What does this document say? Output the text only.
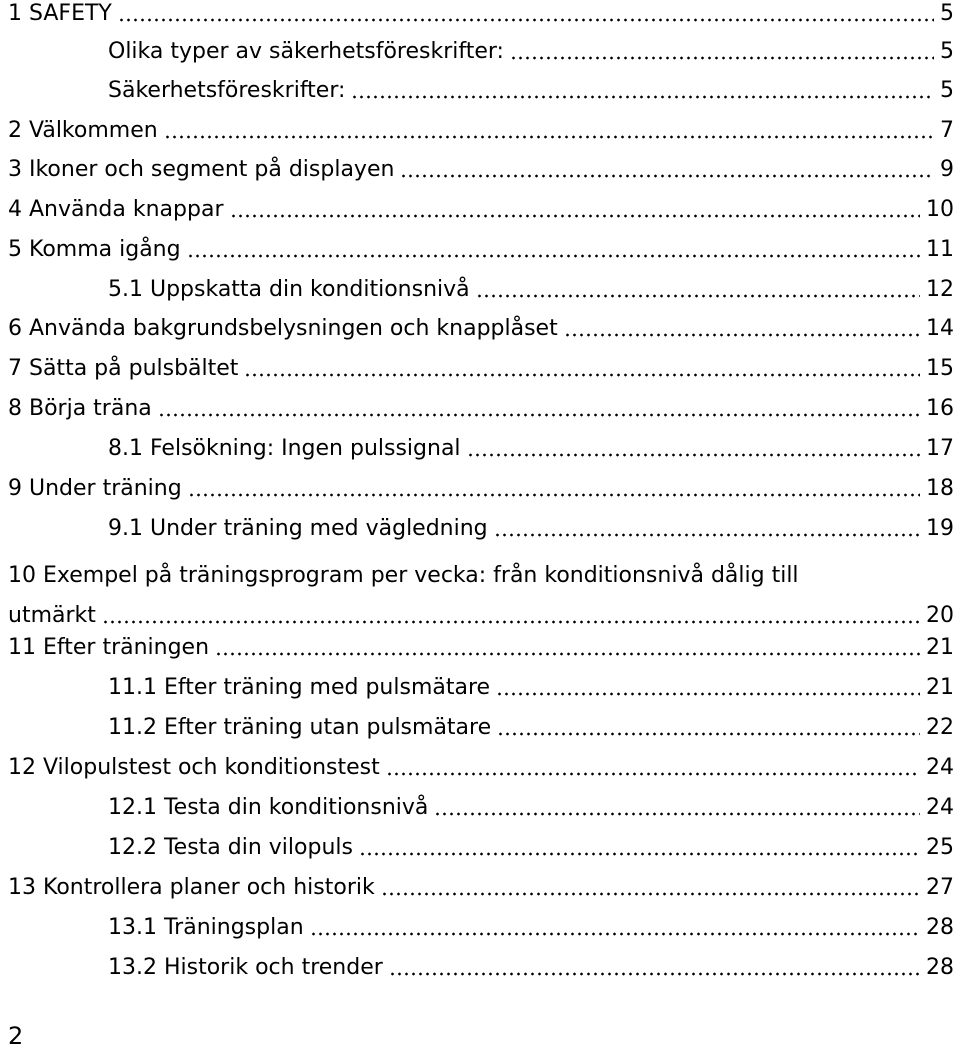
1 SAFETY	5
Olika typer av säkerhetsföreskrifter:	5
Säkerhetsföreskrifter:	5
2 Välkommen	7
3 Ikoner och segment på displayen	9
4 Använda knappar	10
5 Komma igång	11
5.1 Uppskatta din konditionsnivå	12
6 Använda bakgrundsbelysningen och knapplåset	14
7 Sätta på pulsbältet	15
8 Börja träna	16
8.1 Felsökning: Ingen pulssignal	17
9 Under träning	18
9.1 Under träning med vägledning	19
10 Exempel på träningsprogram per vecka: från konditionsnivå dålig till
utmärkt	20
11 Efter träningen	21
11.1 Efter träning med pulsmätare	21
11.2 Efter träning utan pulsmätare	22
12 Vilopulstest och konditionstest	24
12.1 Testa din konditionsnivå	24
12.2 Testa din vilopuls	25
13 Kontrollera planer och historik	27
13.1 Träningsplan	28
13.2 Historik och trender	28
2
